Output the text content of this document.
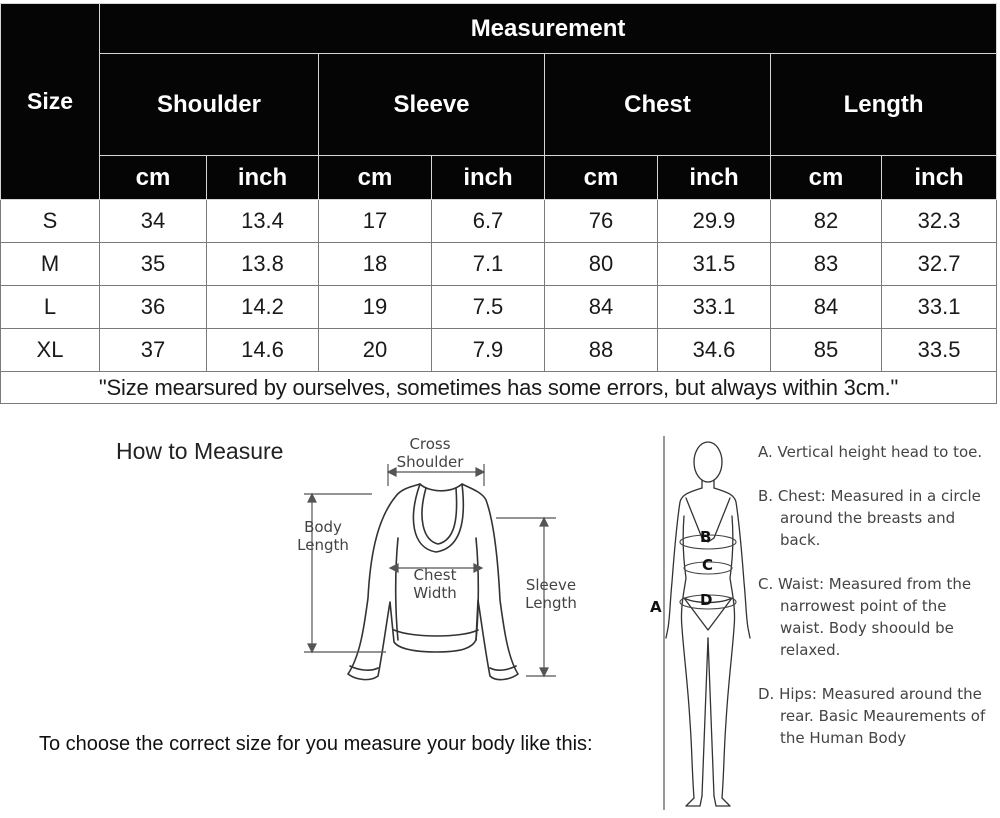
Size	Measurement							
	Shoulder		Sleeve		Chest		Length	
	cm	inch	cm	inch	cm	inch	cm	inch
S	34	13.4	17	6.7	76	29.9	82	32.3
M	35	13.8	18	7.1	80	31.5	83	32.7
L	36	14.2	19	7.5	84	33.1	84	33.1
XL	37	14.6	20	7.9	88	34.6	85	33.5
"Size mearsured by ourselves, sometimes has some errors, but always within 3cm."								
How to Measure	Cross
Shoulder
Body
Length
Chest
Width	Sleeve
Length
To choose the correct size for you measure your body like this:
A
B
C
D
A. Vertical height head to toe.
B. Chest: Measured in a circle around the breasts and back.
C. Waist: Measured from the narrowest point of the waist. Body shoould be relaxed.
D. Hips: Measured around the rear. Basic Meaurements of the Human Body
